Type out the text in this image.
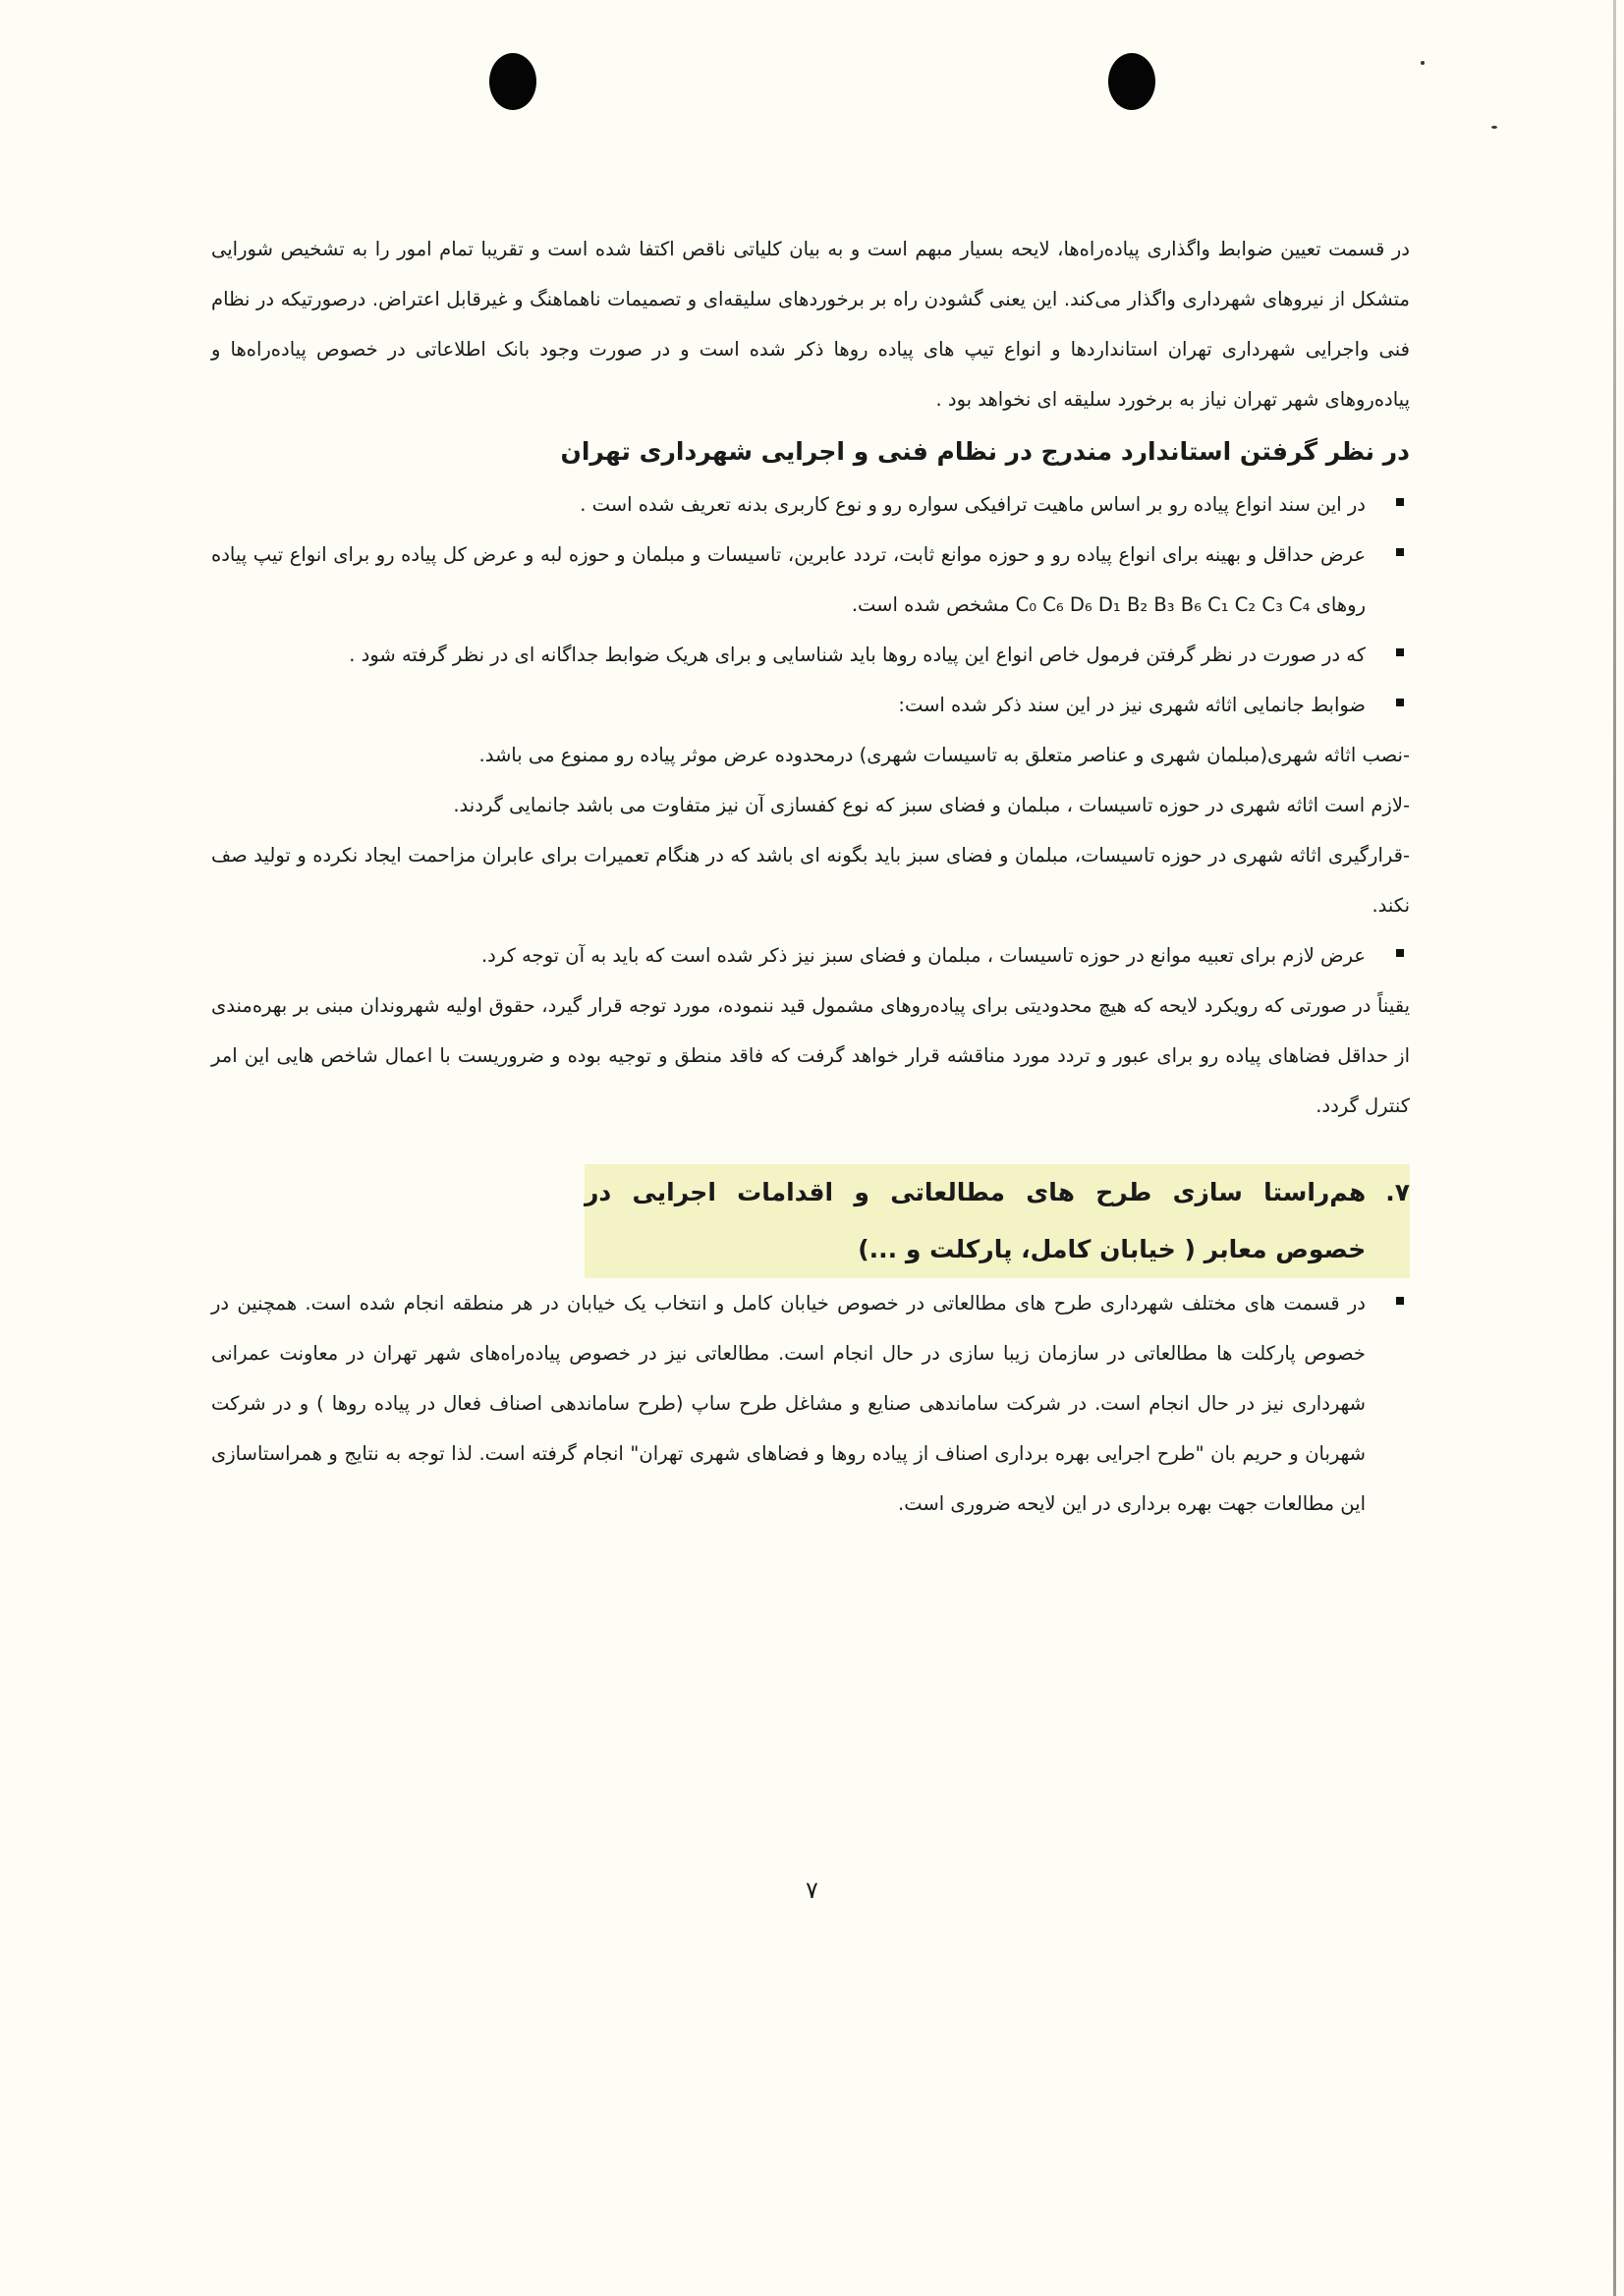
در قسمت تعیین ضوابط واگذاری پیاده‌راه‌ها، لایحه بسیار مبهم است و به بیان کلیاتی ناقص اکتفا شده است و تقریبا تمام امور را به تشخیص شورایی متشکل از نیروهای شهرداری واگذار می‌کند. این یعنی گشودن راه بر برخوردهای سلیقه‌ای و تصمیمات ناهماهنگ و غیرقابل اعتراض. درصورتیکه در نظام فنی واجرایی شهرداری تهران استانداردها و انواع تیپ های پیاده روها ذکر شده است و در صورت وجود بانک اطلاعاتی در خصوص پیاده‌راه‌ها و پیاده‌روهای شهر تهران نیاز به برخورد سلیقه ای نخواهد بود .

در نظر گرفتن استاندارد مندرج در نظام فنی و اجرایی شهرداری تهران
در این سند انواع پیاده رو بر اساس ماهیت ترافیکی سواره رو و نوع کاربری بدنه تعریف شده است .
عرض حداقل و بهینه برای انواع پیاده رو و حوزه موانع ثابت، تردد عابرین، تاسیسات و مبلمان و حوزه لبه و عرض کل پیاده رو برای انواع تیپ پیاده روهای C₀ C₆ D₆ D₁ B₂ B₃ B₆ C₁ C₂ C₃ C₄ مشخص شده است.
که در صورت در نظر گرفتن فرمول خاص انواع این پیاده روها باید شناسایی و برای هریک ضوابط جداگانه ای در نظر گرفته شود .
ضوابط جانمایی اثاثه شهری نیز در این سند ذکر شده است:

-نصب اثاثه شهری(مبلمان شهری و عناصر متعلق به تاسیسات شهری) درمحدوده عرض موثر پیاده رو ممنوع می باشد.

-لازم است اثاثه شهری در حوزه تاسیسات ، مبلمان و فضای سبز که نوع کفسازی آن نیز متفاوت می باشد جانمایی گردند.

-قرارگیری اثاثه شهری در حوزه تاسیسات، مبلمان و فضای سبز باید بگونه ای باشد که در هنگام تعمیرات برای عابران مزاحمت ایجاد نکرده و تولید صف نکند.

عرض لازم برای تعبیه موانع در حوزه تاسیسات ، مبلمان و فضای سبز نیز ذکر شده است که باید به آن توجه کرد.

یقیناً در صورتی که رویکرد لایحه که هیچ محدودیتی برای پیاده‌روهای مشمول قید ننموده، مورد توجه قرار گیرد، حقوق اولیه شهروندان مبنی بر بهره‌مندی از حداقل فضاهای پیاده رو برای عبور و تردد مورد مناقشه قرار خواهد گرفت که فاقد منطق و توجیه بوده و ضروریست با اعمال شاخص هایی این امر کنترل گردد.

۷.
هم‌راستا سازی طرح های مطالعاتی و اقدامات اجرایی در خصوص معابر ( خیابان کامل، پارکلت و ...)
در قسمت های مختلف شهرداری طرح های مطالعاتی در خصوص خیابان کامل و انتخاب یک خیابان در هر منطقه انجام شده است. همچنین در خصوص پارکلت ها مطالعاتی در سازمان زیبا سازی در حال انجام است. مطالعاتی نیز در خصوص پیاده‌راه‌های شهر تهران در معاونت عمرانی شهرداری نیز در حال انجام است. در شرکت ساماندهی صنایع و مشاغل طرح ساپ (طرح ساماندهی اصناف فعال در پیاده روها ) و در شرکت شهربان و حریم بان "طرح اجرایی بهره برداری اصناف از پیاده روها و فضاهای شهری تهران" انجام گرفته است. لذا توجه به نتایج و همراستاسازی این مطالعات جهت بهره برداری در این لایحه ضروری است.
۷
